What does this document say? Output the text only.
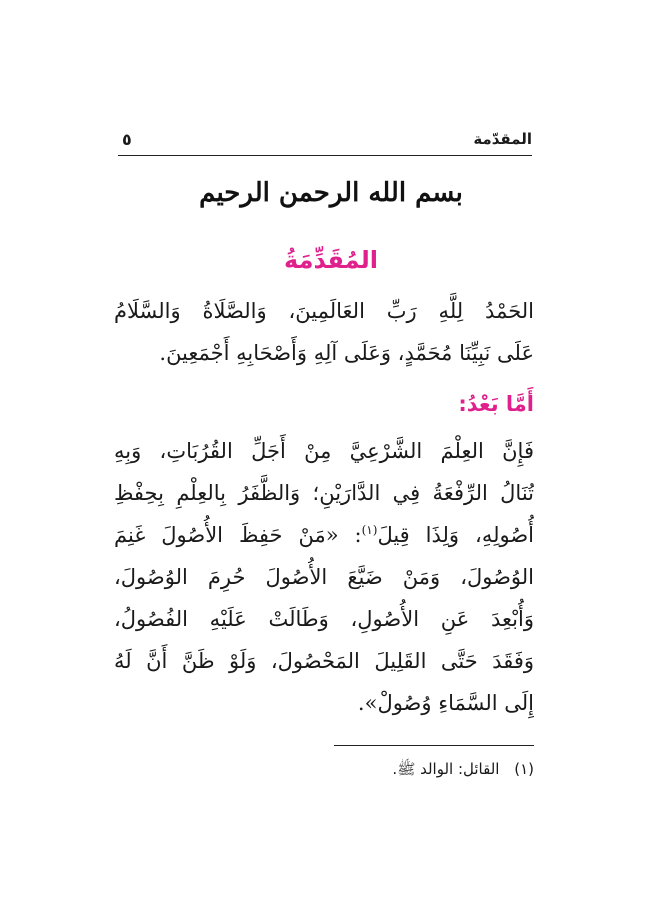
المقدّمة
٥
بسم الله الرحمن الرحيم
المُقَدِّمَةُ
الحَمْدُ لِلَّهِ رَبِّ العَالَمِينَ، وَالصَّلَاةُ وَالسَّلَامُ
عَلَى نَبِيِّنَا مُحَمَّدٍ، وَعَلَى آلِهِ وَأَصْحَابِهِ أَجْمَعِينَ.
أَمَّا بَعْدُ:
فَإِنَّ العِلْمَ الشَّرْعِيَّ مِنْ أَجَلِّ القُرُبَاتِ، وَبِهِ
تُنَالُ الرِّفْعَةُ فِي الدَّارَيْنِ؛ وَالظَّفَرُ بِالعِلْمِ بِحِفْظِ
أُصُولِهِ، وَلِذَا قِيلَ$^{(١)}$: «مَنْ حَفِظَ الأُصُولَ غَنِمَ
الوُصُولَ، وَمَنْ ضَيَّعَ الأُصُولَ حُرِمَ الوُصُولَ،
وَأُبْعِدَ عَنِ الأُصُولِ، وَطَالَتْ عَلَيْهِ الفُصُولُ،
وَفَقَدَ حَتَّى القَلِيلَ المَحْصُولَ، وَلَوْ ظَنَّ أَنَّ لَهُ
إِلَى السَّمَاءِ وُصُولْ».
(١) القائل: الوالد ﷺ.
